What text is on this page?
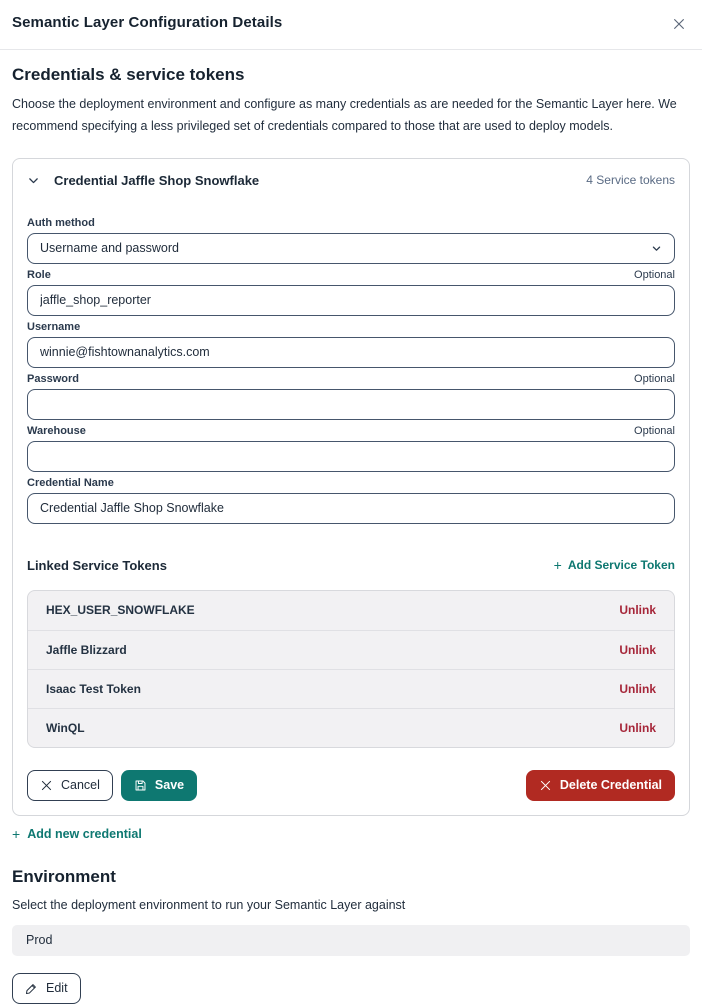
Semantic Layer Configuration Details
Credentials & service tokens
Choose the deployment environment and configure as many credentials as are needed for the Semantic Layer here. We recommend specifying a less privileged set of credentials compared to those that are used to deploy models.
Credential Jaffle Shop Snowflake	4 Service tokens
Auth method
Username and password
Role	Optional
jaffle_shop_reporter
Username
winnie@fishtownanalytics.com
Password	Optional
Warehouse	Optional
Credential Name
Credential Jaffle Shop Snowflake
Linked Service Tokens	+ Add Service Token
HEX_USER_SNOWFLAKE	Unlink
Jaffle Blizzard	Unlink
Isaac Test Token	Unlink
WinQL	Unlink
Cancel	Save	Delete Credential
+ Add new credential
Environment
Select the deployment environment to run your Semantic Layer against
Prod
Edit
